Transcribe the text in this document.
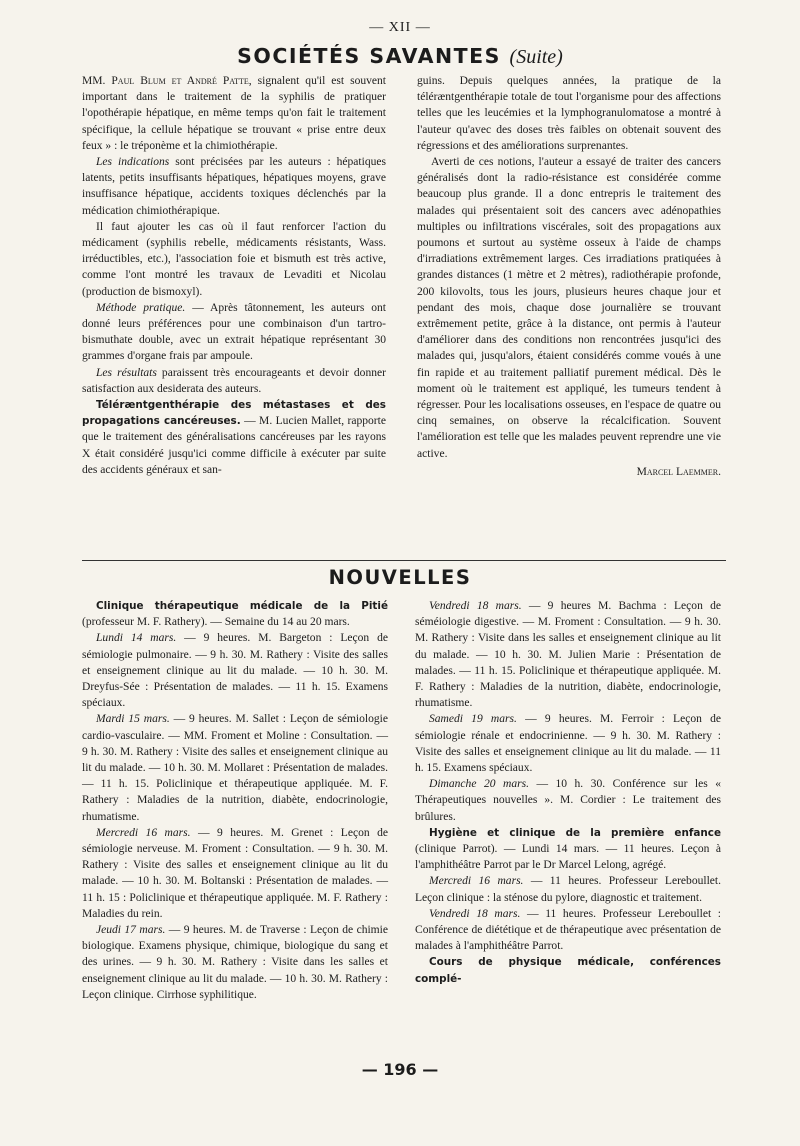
— XII —
SOCIÉTÉS SAVANTES (Suite)

MM. Paul Blum et André Patte, signalent qu'il est souvent important dans le traitement de la syphilis de pratiquer l'opothérapie hépatique, en même temps qu'on fait le traitement spécifique, la cellule hépatique se trouvant « prise entre deux feux » : le tréponème et la chimiothérapie.

Les indications sont précisées par les auteurs : hépatiques latents, petits insuffisants hépatiques, hépatiques moyens, grave insuffisance hépatique, accidents toxiques déclenchés par la médication chimiothérapique.

Il faut ajouter les cas où il faut renforcer l'action du médicament (syphilis rebelle, médicaments résistants, Wass. irréductibles, etc.), l'association foie et bismuth est très active, comme l'ont montré les travaux de Levaditi et Nicolau (production de bismoxyl).

Méthode pratique. — Après tâtonnement, les auteurs ont donné leurs préférences pour une combinaison d'un tartro-bismuthate double, avec un extrait hépatique représentant 30 grammes d'organe frais par ampoule.

Les résultats paraissent très encourageants et devoir donner satisfaction aux desiderata des auteurs.

Téléræntgenthérapie des métastases et des propagations cancéreuses. — M. Lucien Mallet, rapporte que le traitement des généralisations cancéreuses par les rayons X était considéré jusqu'ici comme difficile à exécuter par suite des accidents généraux et san-

guins. Depuis quelques années, la pratique de la téléræntgenthérapie totale de tout l'organisme pour des affections telles que les leucémies et la lymphogranulomatose a montré à l'auteur qu'avec des doses très faibles on obtenait souvent des régressions et des améliorations surprenantes.

Averti de ces notions, l'auteur a essayé de traiter des cancers généralisés dont la radio-résistance est considérée comme beaucoup plus grande. Il a donc entrepris le traitement des malades qui présentaient soit des cancers avec adénopathies multiples ou infiltrations viscérales, soit des propagations aux poumons et surtout au système osseux à l'aide de champs d'irradiations extrêmement larges. Ces irradiations pratiquées à grandes distances (1 mètre et 2 mètres), radiothérapie profonde, 200 kilovolts, tous les jours, plusieurs heures chaque jour et pendant des mois, chaque dose journalière se trouvant extrêmement petite, grâce à la distance, ont permis à l'auteur d'améliorer dans des conditions non rencontrées jusqu'ici des malades qui, jusqu'alors, étaient considérés comme voués à une fin rapide et au traitement palliatif purement médical. Dès le moment où le traitement est appliqué, les tumeurs tendent à régresser. Pour les localisations osseuses, en l'espace de quatre ou cinq semaines, on observe la récalcification. Souvent l'amélioration est telle que les malades peuvent reprendre une vie active.

Marcel Laemmer.

NOUVELLES

Clinique thérapeutique médicale de la Pitié (professeur M. F. Rathery). — Semaine du 14 au 20 mars.

Lundi 14 mars. — 9 heures. M. Bargeton : Leçon de sémiologie pulmonaire. — 9 h. 30. M. Rathery : Visite des salles et enseignement clinique au lit du malade. — 10 h. 30. M. Dreyfus-Sée : Présentation de malades. — 11 h. 15. Examens spéciaux.

Mardi 15 mars. — 9 heures. M. Sallet : Leçon de sémiologie cardio-vasculaire. — MM. Froment et Moline : Consultation. — 9 h. 30. M. Rathery : Visite des salles et enseignement clinique au lit du malade. — 10 h. 30. M. Mollaret : Présentation de malades. — 11 h. 15. Policlinique et thérapeutique appliquée. M. F. Rathery : Maladies de la nutrition, diabète, endocrinologie, rhumatisme.

Mercredi 16 mars. — 9 heures. M. Grenet : Leçon de sémiologie nerveuse. M. Froment : Consultation. — 9 h. 30. M. Rathery : Visite des salles et enseignement clinique au lit du malade. — 10 h. 30. M. Boltanski : Présentation de malades. — 11 h. 15 : Policlinique et thérapeutique appliquée. M. F. Rathery : Maladies du rein.

Jeudi 17 mars. — 9 heures. M. de Traverse : Leçon de chimie biologique. Examens physique, chimique, biologique du sang et des urines. — 9 h. 30. M. Rathery : Visite dans les salles et enseignement clinique au lit du malade. — 10 h. 30. M. Rathery : Leçon clinique. Cirrhose syphilitique.

Vendredi 18 mars. — 9 heures M. Bachma : Leçon de séméiologie digestive. — M. Froment : Consultation. — 9 h. 30. M. Rathery : Visite dans les salles et enseignement clinique au lit du malade. — 10 h. 30. M. Julien Marie : Présentation de malades. — 11 h. 15. Policlinique et thérapeutique appliquée. M. F. Rathery : Maladies de la nutrition, diabète, endocrinologie, rhumatisme.

Samedi 19 mars. — 9 heures. M. Ferroir : Leçon de sémiologie rénale et endocrinienne. — 9 h. 30. M. Rathery : Visite des salles et enseignement clinique au lit du malade. — 11 h. 15. Examens spéciaux.

Dimanche 20 mars. — 10 h. 30. Conférence sur les « Thérapeutiques nouvelles ». M. Cordier : Le traitement des brûlures.

Hygiène et clinique de la première enfance (clinique Parrot). — Lundi 14 mars. — 11 heures. Leçon à l'amphithéâtre Parrot par le Dr Marcel Lelong, agrégé.

Mercredi 16 mars. — 11 heures. Professeur Lereboullet. Leçon clinique : la sténose du pylore, diagnostic et traitement.

Vendredi 18 mars. — 11 heures. Professeur Lereboullet : Conférence de diététique et de thérapeutique avec présentation de malades à l'amphithéâtre Parrot.

Cours de physique médicale, conférences complé-

— 196 —
